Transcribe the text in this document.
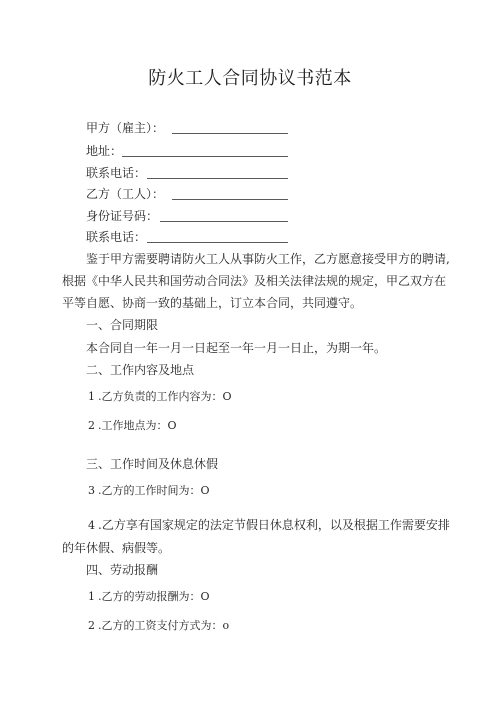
防火工人合同协议书范本
甲方（雇主）：
地址：
联系电话：
乙方（工人）：
身份证号码：
联系电话：
鉴于甲方需要聘请防火工人从事防火工作，乙方愿意接受甲方的聘请,
根据《中华人民共和国劳动合同法》及相关法律法规的规定，甲乙双方在
平等自愿、协商一致的基础上，订立本合同，共同遵守。
一、合同期限
本合同自一年一月一日起至一年一月一日止，为期一年。
二、工作内容及地点
1 .乙方负责的工作内容为：O
2 .工作地点为：O
三、工作时间及休息休假
3 .乙方的工作时间为：O
4 .乙方享有国家规定的法定节假日休息权利，以及根据工作需要安排
的年休假、病假等。
四、劳动报酬
1 .乙方的劳动报酬为：O
2 .乙方的工资支付方式为：o
